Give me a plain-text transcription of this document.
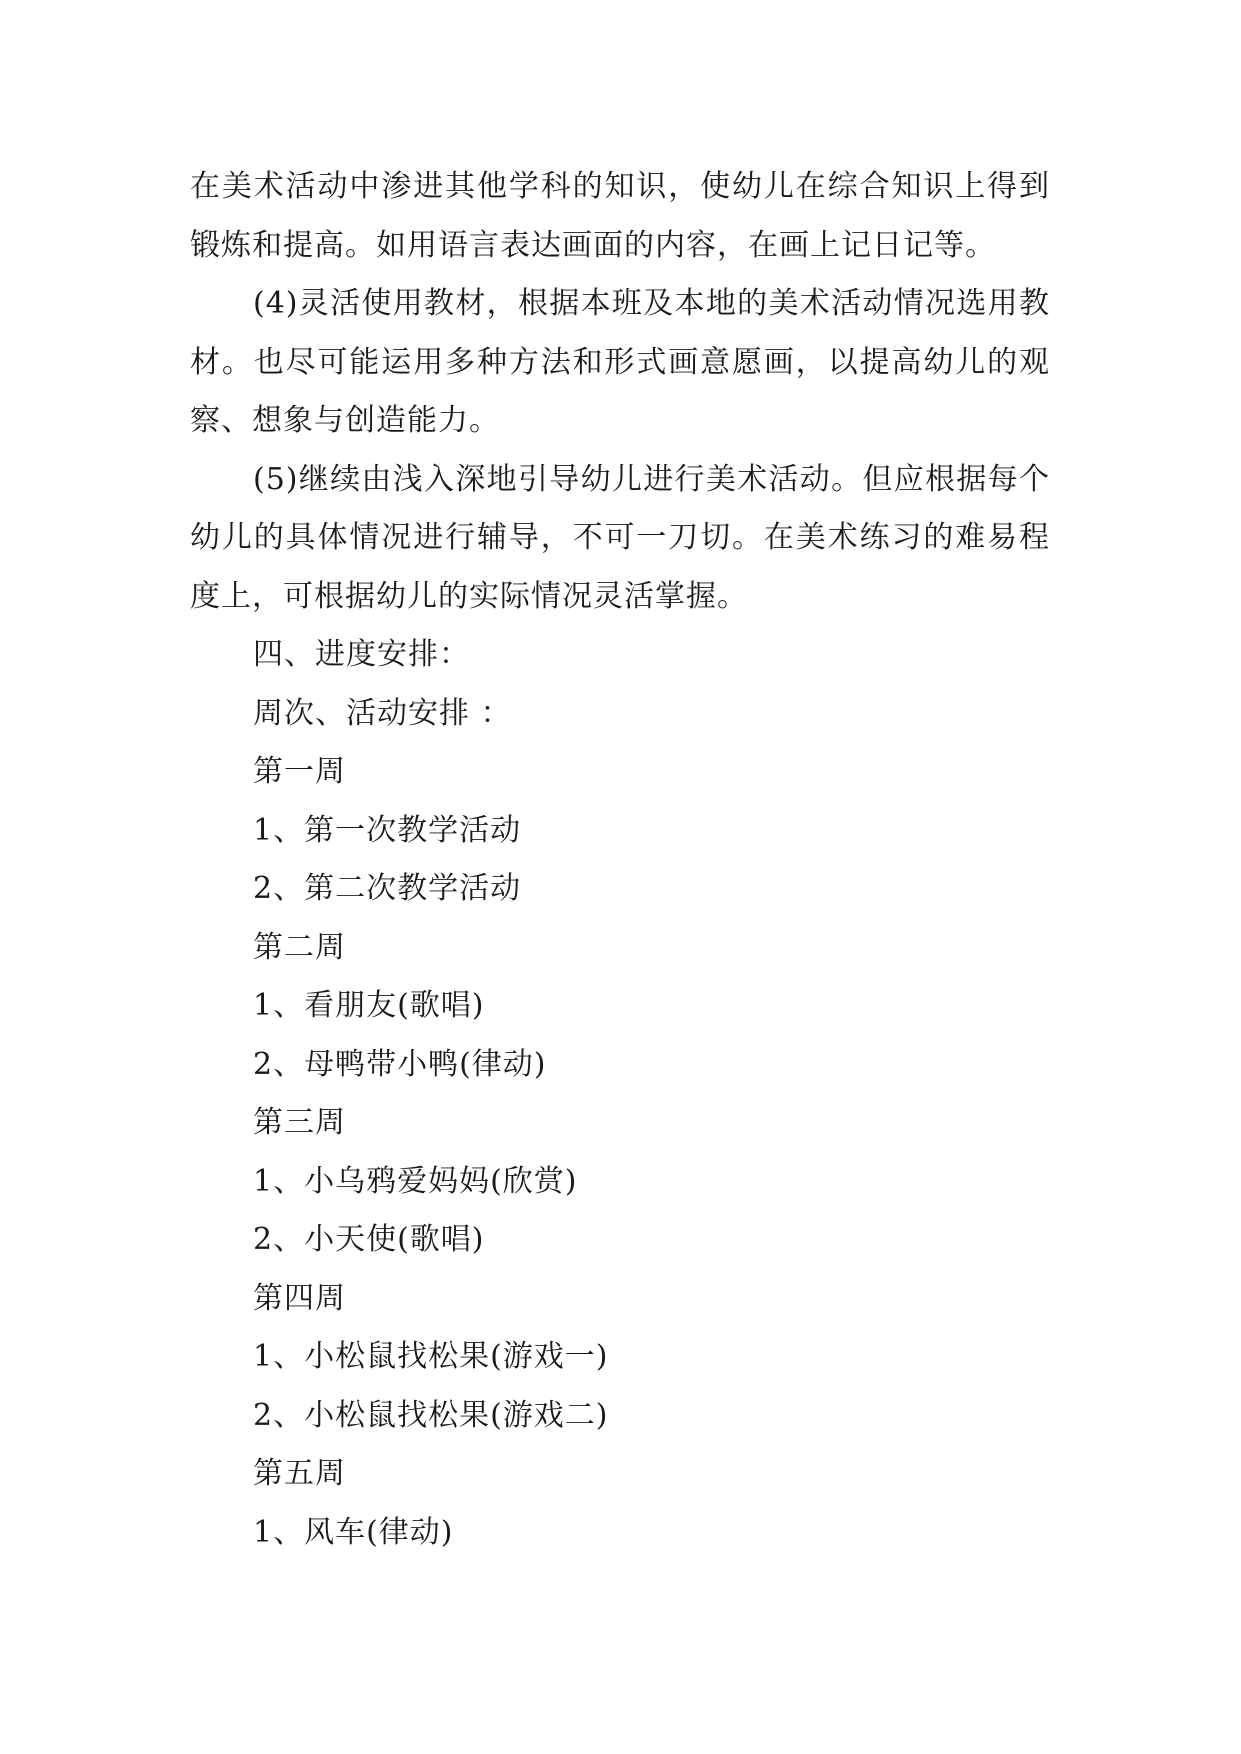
在美术活动中渗进其他学科的知识，使幼儿在综合知识上得到锻炼和提高。如用语言表达画面的内容，在画上记日记等。

(4)灵活使用教材，根据本班及本地的美术活动情况选用教材。也尽可能运用多种方法和形式画意愿画，以提高幼儿的观察、想象与创造能力。

(5)继续由浅入深地引导幼儿进行美术活动。但应根据每个幼儿的具体情况进行辅导，不可一刀切。在美术练习的难易程度上，可根据幼儿的实际情况灵活掌握。

四、进度安排：

周次、活动安排 ：

第一周

1、第一次教学活动

2、第二次教学活动

第二周

1、看朋友(歌唱)

2、母鸭带小鸭(律动)

第三周

1、小乌鸦爱妈妈(欣赏)

2、小天使(歌唱)

第四周

1、小松鼠找松果(游戏一)

2、小松鼠找松果(游戏二)

第五周

1、风车(律动)
